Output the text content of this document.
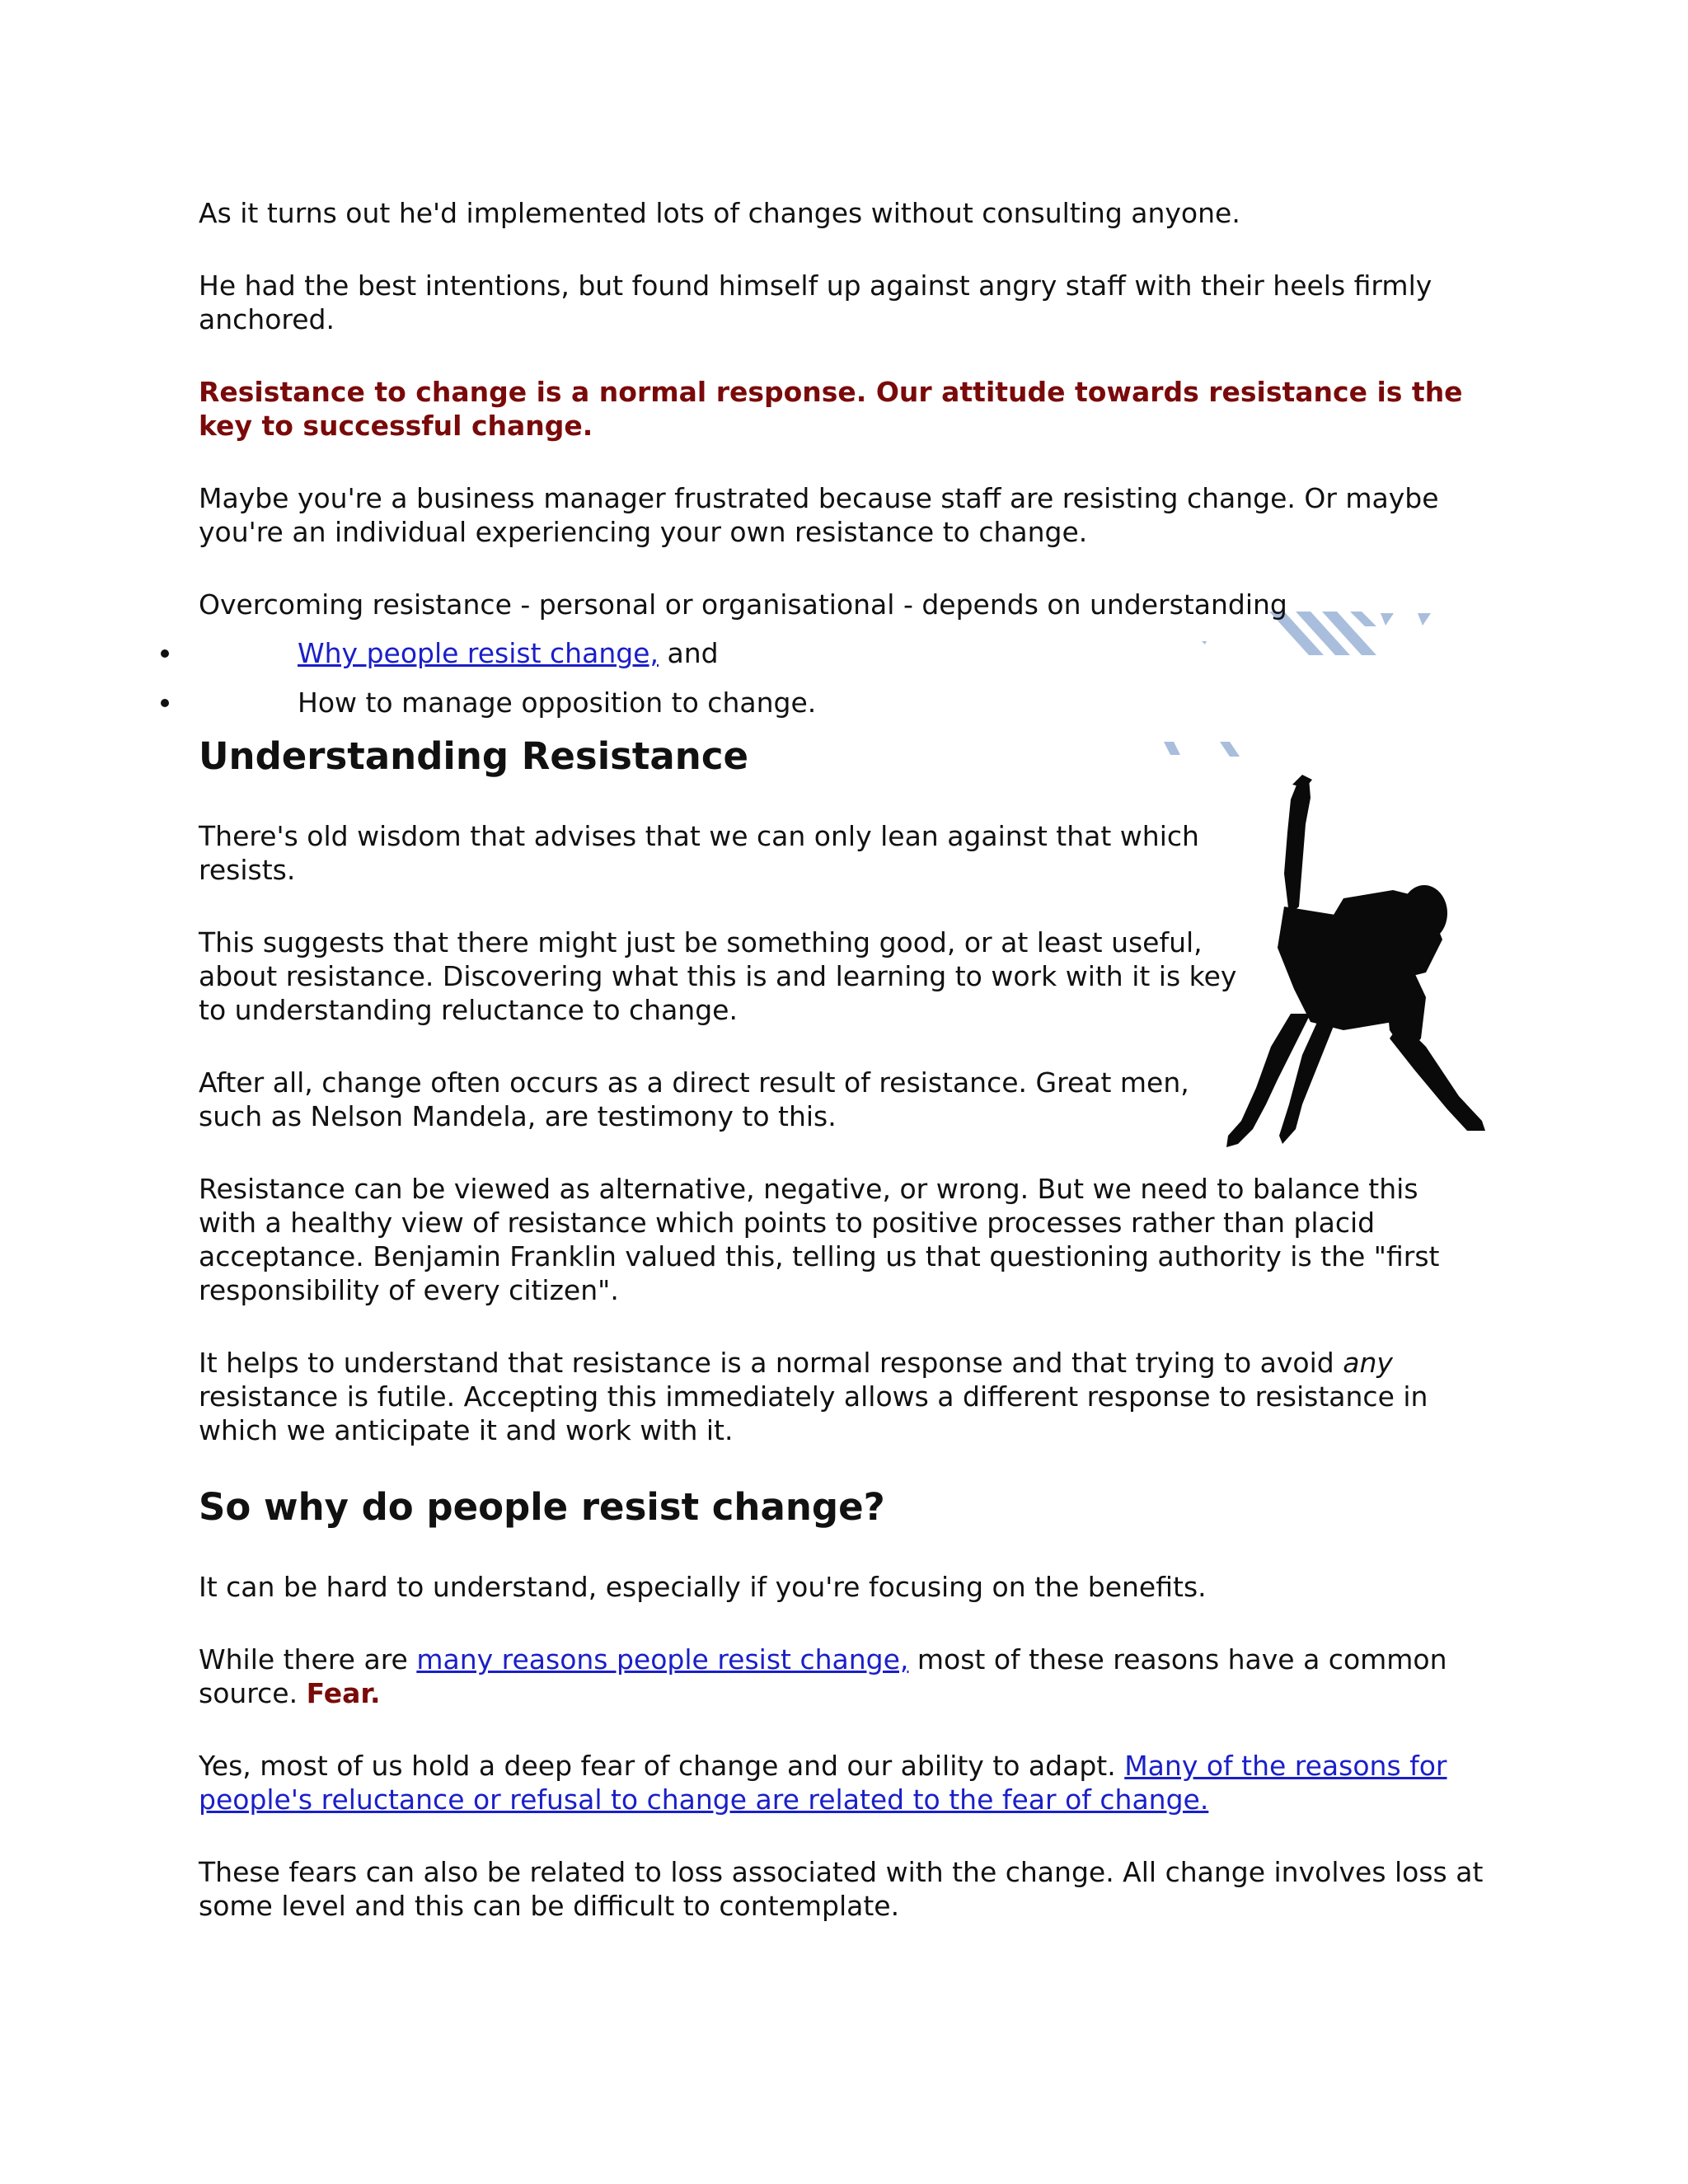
As it turns out he'd implemented lots of changes without consulting anyone.

He had the best intentions, but found himself up against angry staff with their heels firmly anchored.

Resistance to change is a normal response. Our attitude towards resistance is the key to successful change.

Maybe you're a business manager frustrated because staff are resisting change. Or maybe you're an individual experiencing your own resistance to change.

Overcoming resistance - personal or organisational - depends on understanding

Why people resist change, and
How to manage opposition to change.
Understanding Resistance

There's old wisdom that advises that we can only lean against that which resists.

This suggests that there might just be something good, or at least useful, about resistance. Discovering what this is and learning to work with it is key to understanding reluctance to change.

After all, change often occurs as a direct result of resistance. Great men, such as Nelson Mandela, are testimony to this.

Resistance can be viewed as alternative, negative, or wrong. But we need to balance this with a healthy view of resistance which points to positive processes rather than placid acceptance. Benjamin Franklin valued this, telling us that questioning authority is the "first responsibility of every citizen".

It helps to understand that resistance is a normal response and that trying to avoid any resistance is futile. Accepting this immediately allows a different response to resistance in which we anticipate it and work with it.

So why do people resist change?

It can be hard to understand, especially if you're focusing on the benefits.

While there are many reasons people resist change, most of these reasons have a common source. Fear.

Yes, most of us hold a deep fear of change and our ability to adapt. Many of the reasons for people's reluctance or refusal to change are related to the fear of change.

These fears can also be related to loss associated with the change. All change involves loss at some level and this can be difficult to contemplate.
